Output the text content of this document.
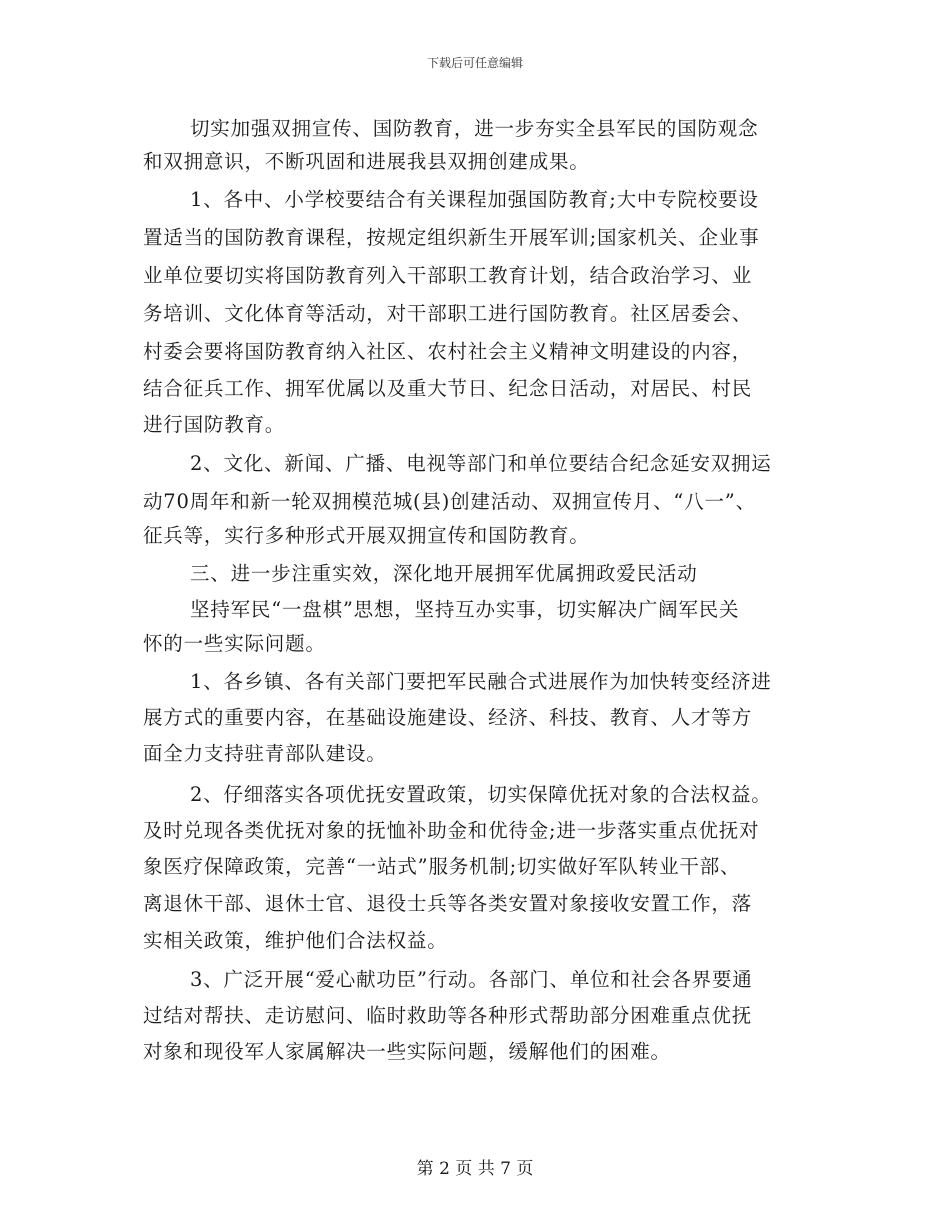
下载后可任意编辑
切实加强双拥宣传、国防教育，进一步夯实全县军民的国防观念
和双拥意识，不断巩固和进展我县双拥创建成果。
1、各中、小学校要结合有关课程加强国防教育;大中专院校要设
置适当的国防教育课程，按规定组织新生开展军训;国家机关、企业事
业单位要切实将国防教育列入干部职工教育计划，结合政治学习、业
务培训、文化体育等活动，对干部职工进行国防教育。社区居委会、
村委会要将国防教育纳入社区、农村社会主义精神文明建设的内容，
结合征兵工作、拥军优属以及重大节日、纪念日活动，对居民、村民
进行国防教育。
2、文化、新闻、广播、电视等部门和单位要结合纪念延安双拥运
动70周年和新一轮双拥模范城(县)创建活动、双拥宣传月、“八一”、
征兵等，实行多种形式开展双拥宣传和国防教育。
三、进一步注重实效，深化地开展拥军优属拥政爱民活动
坚持军民“一盘棋”思想，坚持互办实事，切实解决广阔军民关
怀的一些实际问题。
1、各乡镇、各有关部门要把军民融合式进展作为加快转变经济进
展方式的重要内容，在基础设施建设、经济、科技、教育、人才等方
面全力支持驻青部队建设。
2、仔细落实各项优抚安置政策，切实保障优抚对象的合法权益。
及时兑现各类优抚对象的抚恤补助金和优待金;进一步落实重点优抚对
象医疗保障政策，完善“一站式”服务机制;切实做好军队转业干部、
离退休干部、退休士官、退役士兵等各类安置对象接收安置工作，落
实相关政策，维护他们合法权益。
3、广泛开展“爱心献功臣”行动。各部门、单位和社会各界要通
过结对帮扶、走访慰问、临时救助等各种形式帮助部分困难重点优抚
对象和现役军人家属解决一些实际问题，缓解他们的困难。
第 2 页 共 7 页
